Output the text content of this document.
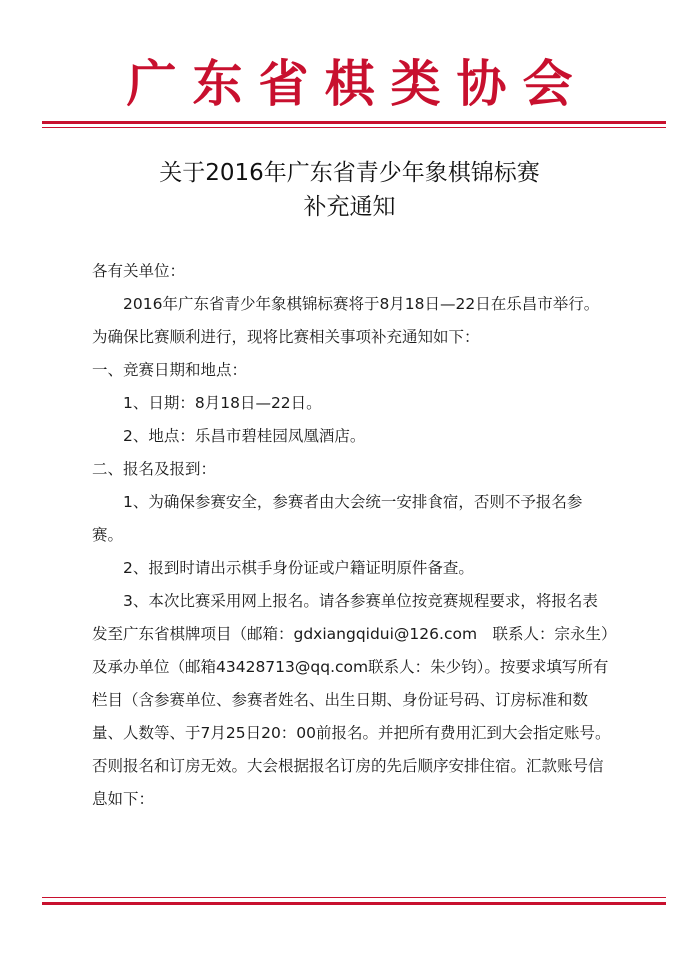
广东省棋类协会
关于2016年广东省青少年象棋锦标赛
补充通知

各有关单位：

2016年广东省青少年象棋锦标赛将于8月18日—22日在乐昌市举行。为确保比赛顺利进行，现将比赛相关事项补充通知如下：

一、竞赛日期和地点：

1、日期：8月18日—22日。

2、地点：乐昌市碧桂园凤凰酒店。

二、报名及报到：

1、为确保参赛安全，参赛者由大会统一安排食宿，否则不予报名参赛。

2、报到时请出示棋手身份证或户籍证明原件备查。

3、本次比赛采用网上报名。请各参赛单位按竞赛规程要求，将报名表发至广东省棋牌项目（邮箱：gdxiangqidui@126.com　联系人：宗永生）及承办单位（邮箱43428713@qq.com联系人：朱少钧）。按要求填写所有栏目（含参赛单位、参赛者姓名、出生日期、身份证号码、订房标准和数量、人数等、于7月25日20：00前报名。并把所有费用汇到大会指定账号。否则报名和订房无效。大会根据报名订房的先后顺序安排住宿。汇款账号信息如下：
